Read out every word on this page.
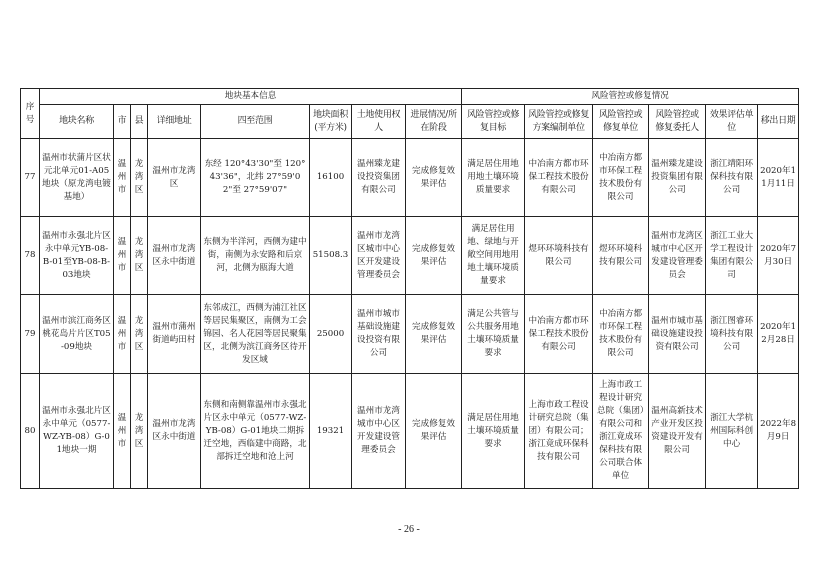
序号	地块基本信息								风险管控或修复情况					
	地块名称	市	县	详细地址	四至范围	地块面积(平方米)	土地使用权人	进展情况/所在阶段	风险管控或修复目标	风险管控或修复方案编制单位	风险管控或修复单位	风险管控或修复委托人	效果评估单位	移出日期
77	温州市状蒲片区状元北单元01-A05地块（原龙湾电镀基地）	温州市	龙湾区	温州市龙湾区	东经 120°43'30"至 120°43'36"，北纬 27°59'02"至 27°59'07"	16100	温州臻龙建设投资集团有限公司	完成修复效果评估	满足居住用地用地土壤环境质量要求	中冶南方都市环保工程技术股份有限公司	中冶南方都市环保工程技术股份有限公司	温州臻龙建设投资集团有限公司	浙江靖阳环保科技有限公司	2020年11月11日
78	温州市永强北片区永中单元YB-08-B-01至YB-08-B-03地块	温州市	龙湾区	温州市龙湾区永中街道	东侧为半洋河，西侧为建中街，南侧为永安路和后京河，北侧为瓯海大道	51508.3	温州市龙湾区城市中心区开发建设管理委员会	完成修复效果评估	满足居住用地、绿地与开敞空间用地用地土壤环境质量要求	煜环环境科技有限公司	煜环环境科技有限公司	温州市龙湾区城市中心区开发建设管理委员会	浙江工业大学工程设计集团有限公司	2020年7月30日
79	温州市滨江商务区桃花岛片片区T05-09地块	温州市	龙湾区	温州市蒲州街道屿田村	东邻成江，西侧为浦江社区等居民集聚区，南侧为工会锦园、名人花园等居民聚集区，北侧为滨江商务区待开发区域	25000	温州市城市基础设施建设投资有限公司	完成修复效果评估	满足公共管与公共服务用地土壤环境质量要求	中冶南方都市环保工程技术股份有限公司	中冶南方都市环保工程技术股份有限公司	温州市城市基础设施建设投资有限公司	浙江图睿环境科技有限公司	2020年12月28日
80	温州市永强北片区永中单元（0577-WZ-YB-08）G-01地块一期	温州市	龙湾区	温州市龙湾区永中街道	东侧和南侧靠温州市永强北片区永中单元（0577-WZ-YB-08）G-01地块二期拆迁空地，西临建中商路，北部拆迁空地和沧上河	19321	温州市龙湾城市中心区开发建设管理委员会	完成修复效果评估	满足居住用地土壤环境质量要求	上海市政工程设计研究总院（集团）有限公司；浙江竟成环保科技有限公司	上海市政工程设计研究总院（集团）有限公司和浙江竟成环保科技有限公司联合体单位	温州高新技术产业开发区投资建设开发有限公司	浙江大学杭州国际科创中心	2022年8月9日
- 26 -
